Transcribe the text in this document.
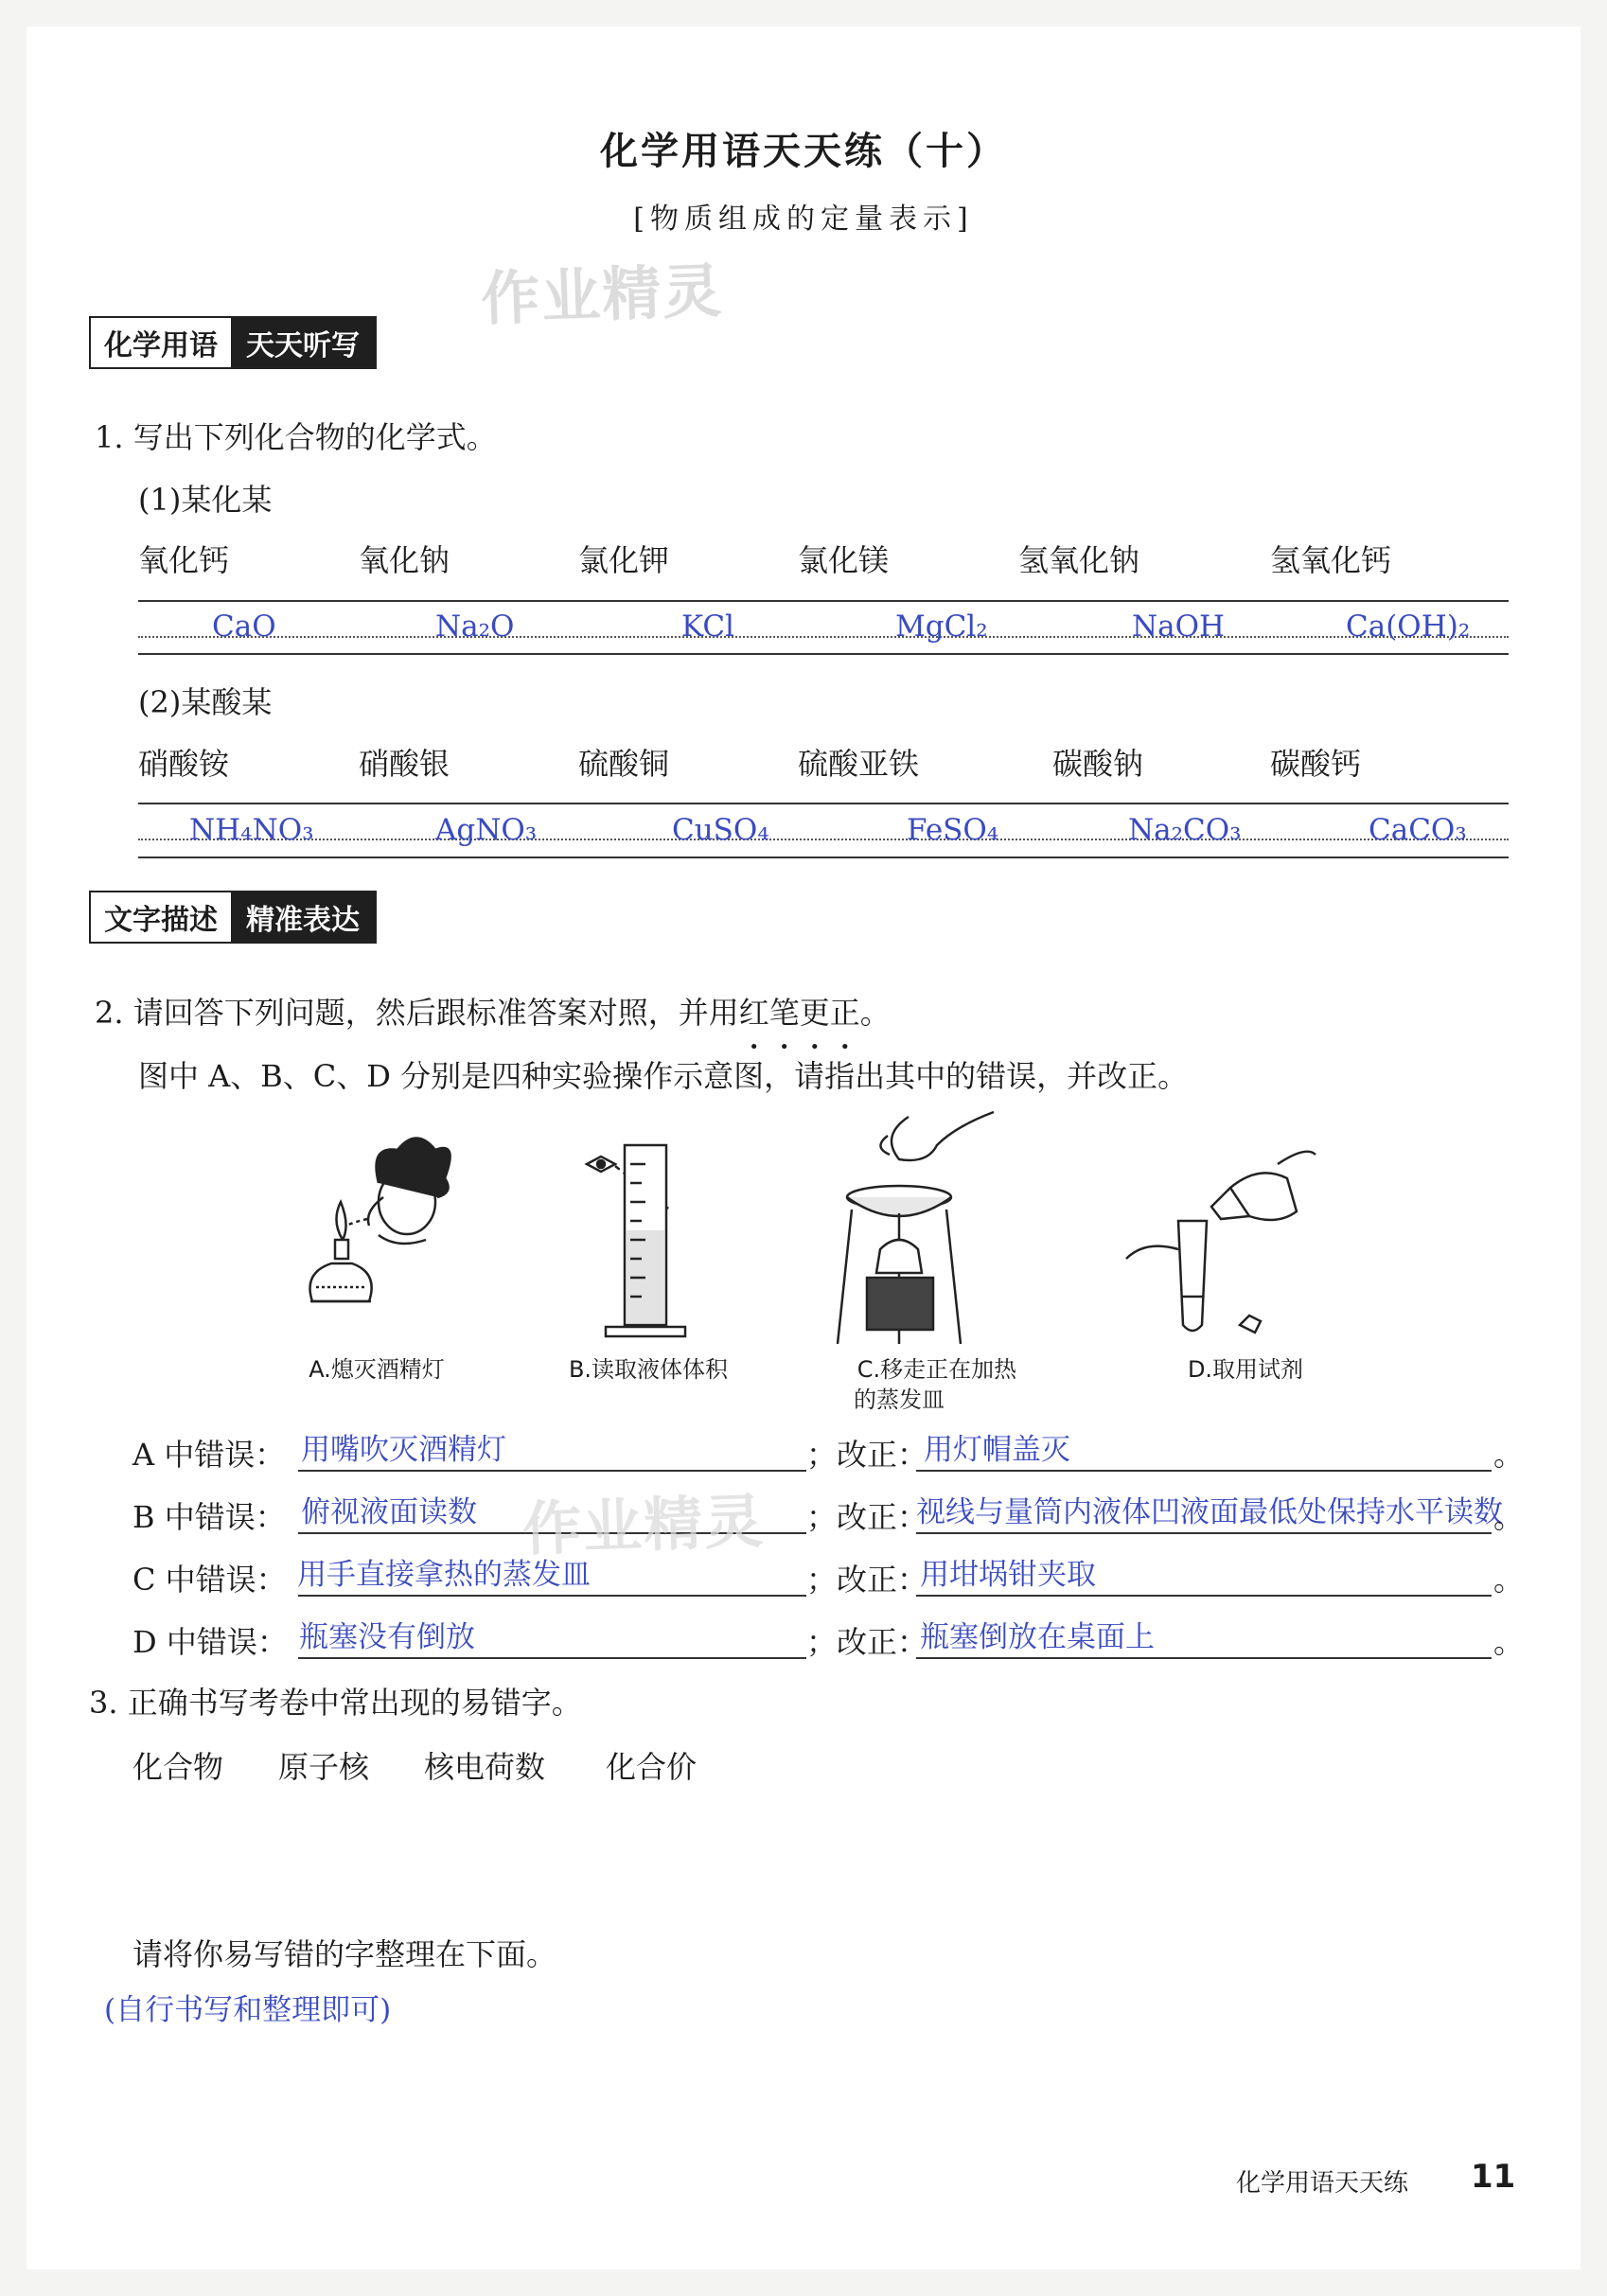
化学用语天天练（十）
[物质组成的定量表示]
作业精灵
化学用语	天天听写
1. 写出下列化合物的化学式。
(1)某化某
氧化钙	氧化钠	氯化钾	氯化镁	氢氧化钠	氢氧化钙
CaO	Na₂O	KCl	MgCl₂	NaOH	Ca(OH)₂
(2)某酸某
硝酸铵	硝酸银	硫酸铜	硫酸亚铁	碳酸钠	碳酸钙
NH₄NO₃	AgNO₃	CuSO₄	FeSO₄	Na₂CO₃	CaCO₃
文字描述	精准表达
2. 请回答下列问题，然后跟标准答案对照，并用红笔更正。
图中 A、B、C、D 分别是四种实验操作示意图，请指出其中的错误，并改正。
A.熄灭酒精灯	B.读取液体体积	C.移走正在加热
的蒸发皿
D.取用试剂
A 中错误： 用嘴吹灭酒精灯	；改正：
用灯帽盖灭	。
B 中错误： 俯视液面读数	；改正：
视线与量筒内液体凹液面最低处保持水平读数
。
C 中错误： 用手直接拿热的蒸发皿	；改正：
用坩埚钳夹取	。
D 中错误： 瓶塞没有倒放	；改正：
瓶塞倒放在桌面上	。
作业精灵
3. 正确书写考卷中常出现的易错字。
化合物 原子核 核电荷数 化合价
请将你易写错的字整理在下面。
(自行书写和整理即可)
化学用语天天练 11
